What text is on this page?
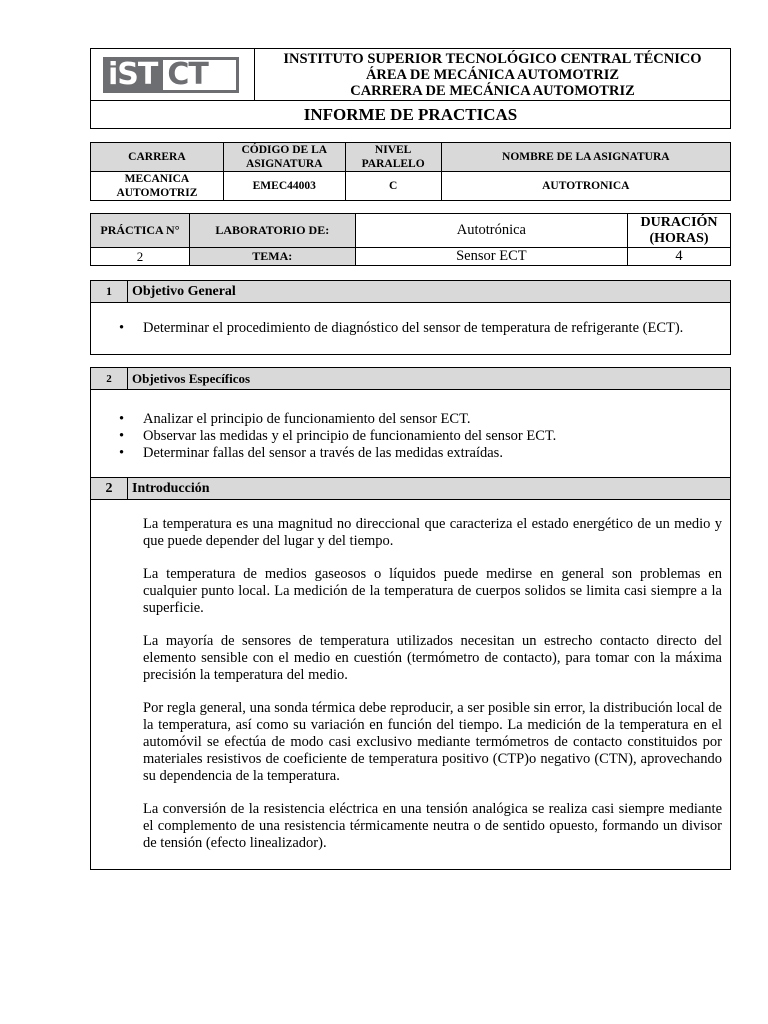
iST CT	INSTITUTO SUPERIOR TECNOLÓGICO CENTRAL TÉCNICO
ÁREA DE MECÁNICA AUTOMOTRIZ
CARRERA DE MECÁNICA AUTOMOTRIZ

INFORME DE PRACTICAS
CARRERA	CÓDIGO DE LA ASIGNATURA	NIVEL PARALELO	NOMBRE DE LA ASIGNATURA
MECANICA AUTOMOTRIZ	EMEC44003	C	AUTOTRONICA
PRÁCTICA N°	LABORATORIO DE:	Autotrónica	DURACIÓN (HORAS)
2	TEMA:	Sensor ECT	4
1	Objetivo General

• Determinar el procedimiento de diagnóstico del sensor de temperatura de refrigerante (ECT).
2	Objetivos Específicos

• Analizar el principio de funcionamiento del sensor ECT.
• Observar las medidas y el principio de funcionamiento del sensor ECT.
• Determinar fallas del sensor a través de las medidas extraídas.
2	Introducción

La temperatura es una magnitud no direccional que caracteriza el estado energético de un medio y que puede depender del lugar y del tiempo.

La temperatura de medios gaseosos o líquidos puede medirse en general son problemas en cualquier punto local. La medición de la temperatura de cuerpos solidos se limita casi siempre a la superficie.

La mayoría de sensores de temperatura utilizados necesitan un estrecho contacto directo del elemento sensible con el medio en cuestión (termómetro de contacto), para tomar con la máxima precisión la temperatura del medio.

Por regla general, una sonda térmica debe reproducir, a ser posible sin error, la distribución local de la temperatura, así como su variación en función del tiempo. La medición de la temperatura en el automóvil se efectúa de modo casi exclusivo mediante termómetros de contacto constituidos por materiales resistivos de coeficiente de temperatura positivo (CTP)o negativo (CTN), aprovechando su dependencia de la temperatura.

La conversión de la resistencia eléctrica en una tensión analógica se realiza casi siempre mediante el complemento de una resistencia térmicamente neutra o de sentido opuesto, formando un divisor de tensión (efecto linealizador).
